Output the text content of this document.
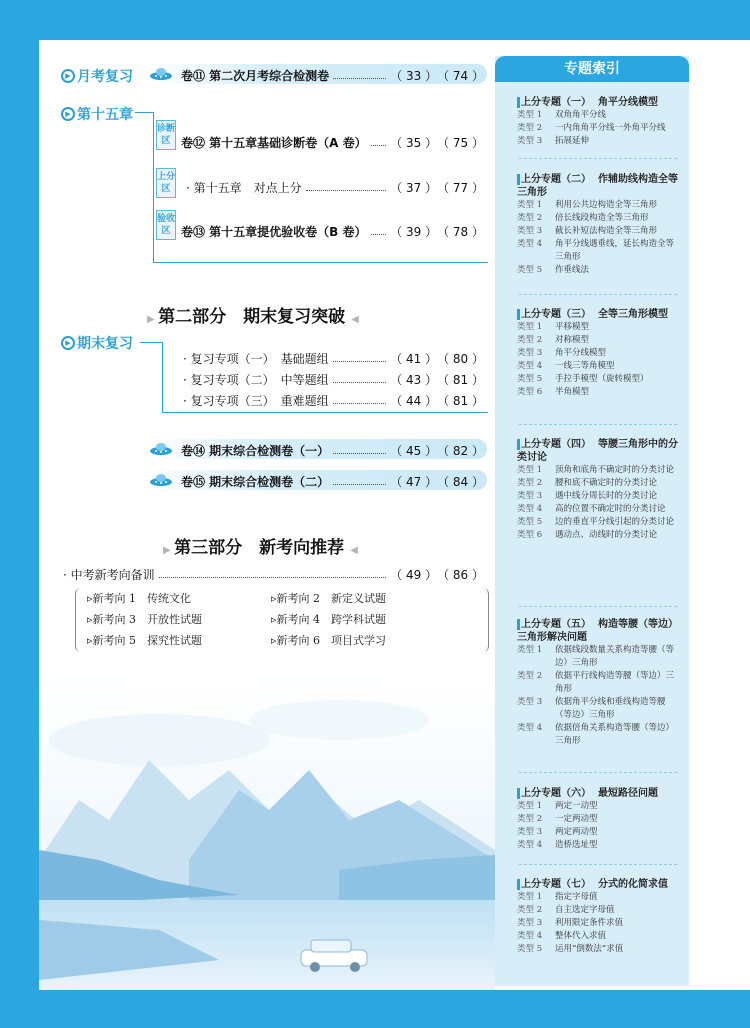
▶ 月考复习	卷⑪ 第二次月考综合检测卷	（ 33 ） （ 74 ）
▶ 第十五章
诊断区
上分区
验收区
卷⑫ 第十五章基础诊断卷（A 卷） （ 35 ） （ 75 ）
· 第十五章　对点上分	（ 37 ） （ 77 ）
卷⑬ 第十五章提优验收卷（B 卷） （ 39 ） （ 78 ）
▶ 第二部分　期末复习突破 ◀
▶ 期末复习
· 复习专项（一）　基础题组	（ 41 ） （ 80 ）
· 复习专项（二）　中等题组	（ 43 ） （ 81 ）
· 复习专项（三）　重难题组	（ 44 ） （ 81 ）
卷⑭ 期末综合检测卷（一）	（ 45 ） （ 82 ）
卷⑮ 期末综合检测卷（二）	（ 47 ） （ 84 ）
▶ 第三部分　新考向推荐 ◀
· 中考新考向备训	（ 49 ） （ 86 ）
▹新考向 1　传统文化	▹新考向 2　新定义试题
▹新考向 3　开放性试题	▹新考向 4　跨学科试题
▹新考向 5　探究性试题	▹新考向 6　项目式学习
专题索引
上分专题（一） 角平分线模型
类型 1	双角角平分线
类型 2	一内角角平分线一外角平分线
类型 3	拓展延伸
上分专题（二） 作辅助线构造全等三角形
类型 1	利用公共边构造全等三角形
类型 2	倍长线段构造全等三角形
类型 3	截长补短法构造全等三角形
类型 4	角平分线遇垂线，延长构造全等三角形
类型 5	作垂线法
上分专题（三） 全等三角形模型
类型 1	平移模型
类型 2	对称模型
类型 3	角平分线模型
类型 4	一线三等角模型
类型 5	手拉手模型（旋转模型）
类型 6	半角模型
上分专题（四） 等腰三角形中的分类讨论
类型 1	顶角和底角不确定时的分类讨论
类型 2	腰和底不确定时的分类讨论
类型 3	遇中线分周长时的分类讨论
类型 4	高的位置不确定时的分类讨论
类型 5	边的垂直平分线引起的分类讨论
类型 6	遇动点、动线时的分类讨论
上分专题（五） 构造等腰（等边）三角形解决问题
类型 1	依据线段数量关系构造等腰（等边）三角形
类型 2	依据平行线构造等腰（等边）三角形
类型 3	依据角平分线和垂线构造等腰（等边）三角形
类型 4	依据倍角关系构造等腰（等边）三角形
上分专题（六） 最短路径问题
类型 1	两定一动型
类型 2	一定两动型
类型 3	两定两动型
类型 4	造桥选址型
上分专题（七） 分式的化简求值
类型 1	指定字母值
类型 2	自主选定字母值
类型 3	利用限定条件求值
类型 4	整体代入求值
类型 5	运用“倒数法”求值
